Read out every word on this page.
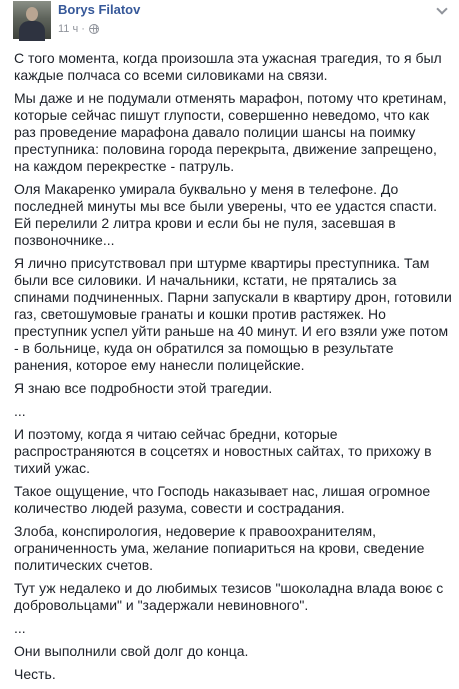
Borys Filatov
11 ч ·

С того момента, когда произошла эта ужасная трагедия, то я был каждые полчаса со всеми силовиками на связи.

Мы даже и не подумали отменять марафон, потому что кретинам, которые сейчас пишут глупости, совершенно неведомо, что как раз проведение марафона давало полиции шансы на поимку преступника: половина города перекрыта, движение запрещено, на каждом перекрестке - патруль.

Оля Макаренко умирала буквально у меня в телефоне. До последней минуты мы все были уверены, что ее удастся спасти. Ей перелили 2 литра крови и если бы не пуля, засевшая в позвоночнике...

Я лично присутствовал при штурме квартиры преступника. Там были все силовики. И начальники, кстати, не прятались за спинами подчиненных. Парни запускали в квартиру дрон, готовили газ, светошумовые гранаты и кошки против растяжек. Но преступник успел уйти раньше на 40 минут. И его взяли уже потом - в больнице, куда он обратился за помощью в результате ранения, которое ему нанесли полицейские.

Я знаю все подробности этой трагедии.

...

И поэтому, когда я читаю сейчас бредни, которые распространяются в соцсетях и новостных сайтах, то прихожу в тихий ужас.

Такое ощущение, что Господь наказывает нас, лишая огромное количество людей разума, совести и сострадания.

Злоба, конспирология, недоверие к правоохранителям, ограниченность ума, желание попиариться на крови, сведение политических счетов.

Тут уж недалеко и до любимых тезисов "шоколадна влада воює с добровольцами" и "задержали невиновного".

...

Они выполнили свой долг до конца.

Честь.
